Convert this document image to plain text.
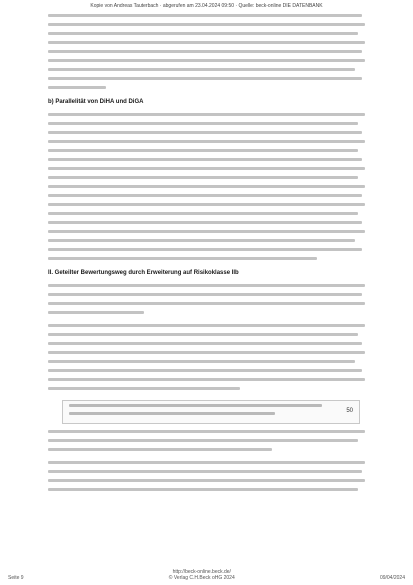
Kopie von Andreas Tauterbach · abgerufen am 23.04.2024 09:50 · Quelle: beck-online DIE DATENBANK
b) Parallelität von DiHA und DiGA
II. Geteilter Bewertungsweg durch Erweiterung auf Risikoklasse IIb
50
Seite 9
http://beck-online.beck.de/
© Verlag C.H.Beck oHG 2024	09/04/2024
